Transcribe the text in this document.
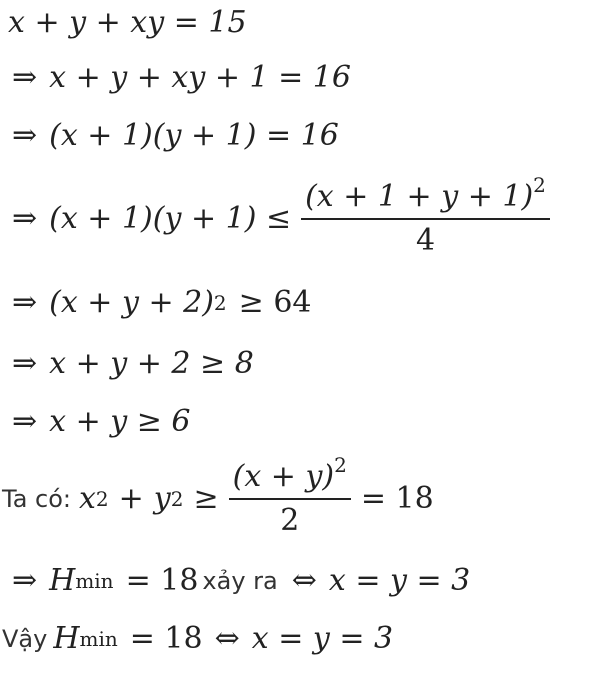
x + y + xy = 15
⇒ x + y + xy + 1 = 16
⇒ (x + 1)(y + 1) = 16
⇒ $(x + 1)(y + 1) \le \frac{(x + 1 + y + 1)^2}{4}$
⇒ (x + y + 2) 2 ≥ 64
⇒ x + y + 2 ≥ 8
⇒ x + y ≥ 6
Ta có: x 2 + y $2 \ge \frac{(x + y)^2}{2} = 18$
⇒ H min = 18 xảy ra ⇔ x = y = 3
Vậy H min = 18 ⇔ x = y = 3
